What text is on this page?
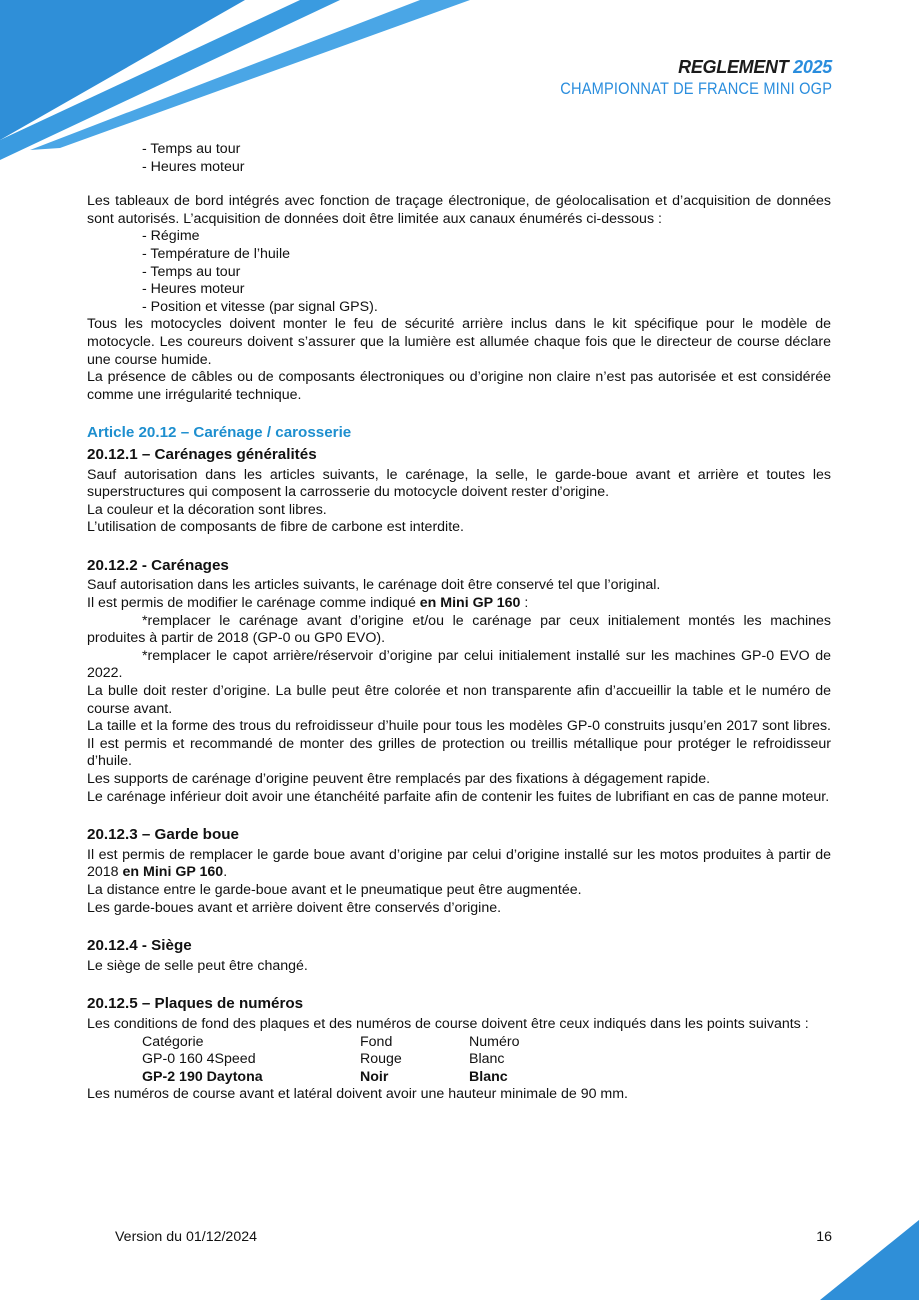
REGLEMENT 2025
CHAMPIONNAT DE FRANCE MINI OGP

- Temps au tour

- Heures moteur

Les tableaux de bord intégrés avec fonction de traçage électronique, de géolocalisation et d’acquisition de données sont autorisés. L’acquisition de données doit être limitée aux canaux énumérés ci-dessous :

- Régime

- Température de l’huile

- Temps au tour

- Heures moteur

- Position et vitesse (par signal GPS).

Tous les motocycles doivent monter le feu de sécurité arrière inclus dans le kit spécifique pour le modèle de motocycle. Les coureurs doivent s’assurer que la lumière est allumée chaque fois que le directeur de course déclare une course humide.

La présence de câbles ou de composants électroniques ou d’origine non claire n’est pas autorisée et est considérée comme une irrégularité technique.

Article 20.12 – Carénage / carosserie
20.12.1 – Carénages généralités

Sauf autorisation dans les articles suivants, le carénage, la selle, le garde-boue avant et arrière et toutes les superstructures qui composent la carrosserie du motocycle doivent rester d’origine.

La couleur et la décoration sont libres.

L’utilisation de composants de fibre de carbone est interdite.

20.12.2 - Carénages

Sauf autorisation dans les articles suivants, le carénage doit être conservé tel que l’original.

Il est permis de modifier le carénage comme indiqué en Mini GP 160 :

*remplacer le carénage avant d’origine et/ou le carénage par ceux initialement montés les machines produites à partir de 2018 (GP-0 ou GP0 EVO).

*remplacer le capot arrière/réservoir d’origine par celui initialement installé sur les machines GP-0 EVO de 2022.

La bulle doit rester d’origine. La bulle peut être colorée et non transparente afin d’accueillir la table et le numéro de course avant.

La taille et la forme des trous du refroidisseur d’huile pour tous les modèles GP-0 construits jusqu’en 2017 sont libres. Il est permis et recommandé de monter des grilles de protection ou treillis métallique pour protéger le refroidisseur d’huile.

Les supports de carénage d’origine peuvent être remplacés par des fixations à dégagement rapide.

Le carénage inférieur doit avoir une étanchéité parfaite afin de contenir les fuites de lubrifiant en cas de panne moteur.

20.12.3 – Garde boue

Il est permis de remplacer le garde boue avant d’origine par celui d’origine installé sur les motos produites à partir de 2018 en Mini GP 160.

La distance entre le garde-boue avant et le pneumatique peut être augmentée.

Les garde-boues avant et arrière doivent être conservés d’origine.

20.12.4 - Siège

Le siège de selle peut être changé.

20.12.5 – Plaques de numéros

Les conditions de fond des plaques et des numéros de course doivent être ceux indiqués dans les points suivants :

Catégorie	Fond	Numéro
GP-0 160 4Speed	Rouge	Blanc
GP-2 190 Daytona	Noir	Blanc

Les numéros de course avant et latéral doivent avoir une hauteur minimale de 90 mm.

Version du 01/12/2024	16
